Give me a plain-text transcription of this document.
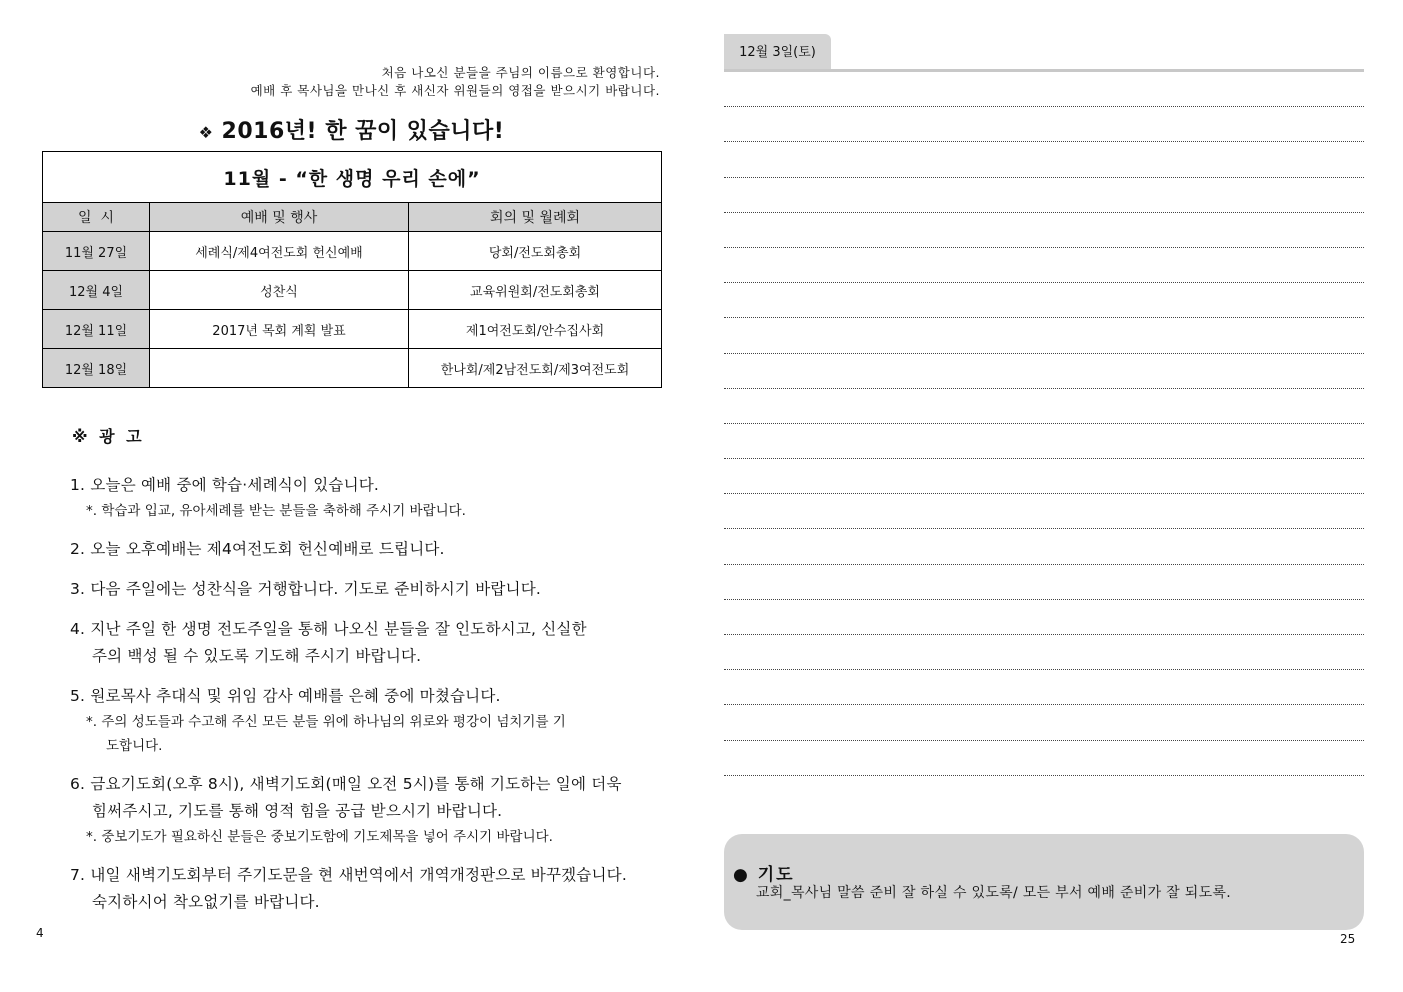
처음 나오신 분들을 주님의 이름으로 환영합니다.
예배 후 목사님을 만나신 후 새신자 위원들의 영접을 받으시기 바랍니다.
❖ 2016년! 한 꿈이 있습니다!
11월 - “한 생명 우리 손에”		
일  시	예배 및 행사	회의 및 월례회
11월 27일	세례식/제4여전도회 헌신예배	당회/전도회총회
12월 4일	성찬식	교육위원회/전도회총회
12월 11일	2017년 목회 계획 발표	제1여전도회/안수집사회
12월 18일		한나회/제2남전도회/제3여전도회
※ 광 고
1. 오늘은 예배 중에 학습·세례식이 있습니다.
*. 학습과 입교, 유아세례를 받는 분들을 축하해 주시기 바랍니다.
2. 오늘 오후예배는 제4여전도회 헌신예배로 드립니다.
3. 다음 주일에는 성찬식을 거행합니다. 기도로 준비하시기 바랍니다.
4. 지난 주일 한 생명 전도주일을 통해 나오신 분들을 잘 인도하시고, 신실한
주의 백성 될 수 있도록 기도해 주시기 바랍니다.
5. 원로목사 추대식 및 위임 감사 예배를 은혜 중에 마쳤습니다.
*. 주의 성도들과 수고해 주신 모든 분들 위에 하나님의 위로와 평강이 넘치기를 기
도합니다.
6. 금요기도회(오후 8시), 새벽기도회(매일 오전 5시)를 통해 기도하는 일에 더욱
힘써주시고, 기도를 통해 영적 힘을 공급 받으시기 바랍니다.
*. 중보기도가 필요하신 분들은 중보기도함에 기도제목을 넣어 주시기 바랍니다.
7. 내일 새벽기도회부터 주기도문을 현 새번역에서 개역개정판으로 바꾸겠습니다.
숙지하시어 착오없기를 바랍니다.
4
12월 3일(토)
● 기도
교회_목사님 말씀 준비 잘 하실 수 있도록/ 모든 부서 예배 준비가 잘 되도록.
25
